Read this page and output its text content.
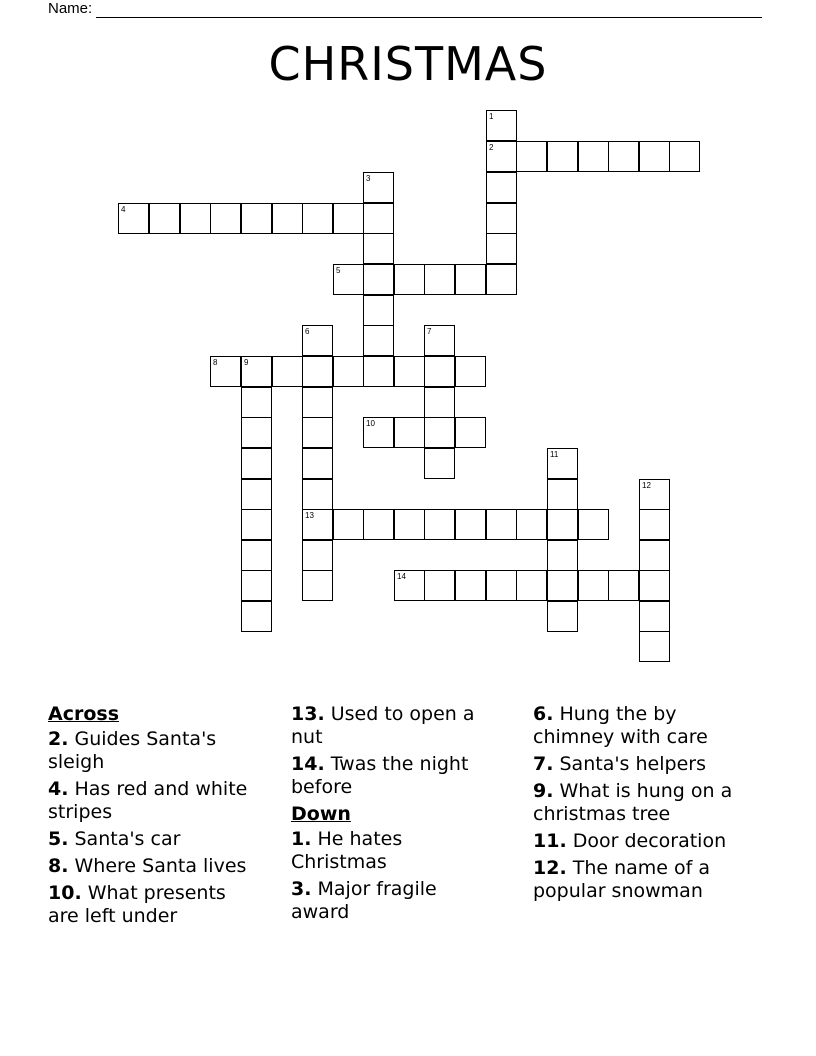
Name:
CHRISTMAS
1
2
3
4
5
6
13
7
8	9
10
11
12
14
Across
2. Guides Santa's sleigh
4. Has red and white stripes
5. Santa's car
8. Where Santa lives
10. What presents are left under
13. Used to open a nut
14. Twas the night before
Down
1. He hates Christmas
3. Major fragile award
6. Hung the by chimney with care
7. Santa's helpers
9. What is hung on a christmas tree
11. Door decoration
12. The name of a popular snowman
